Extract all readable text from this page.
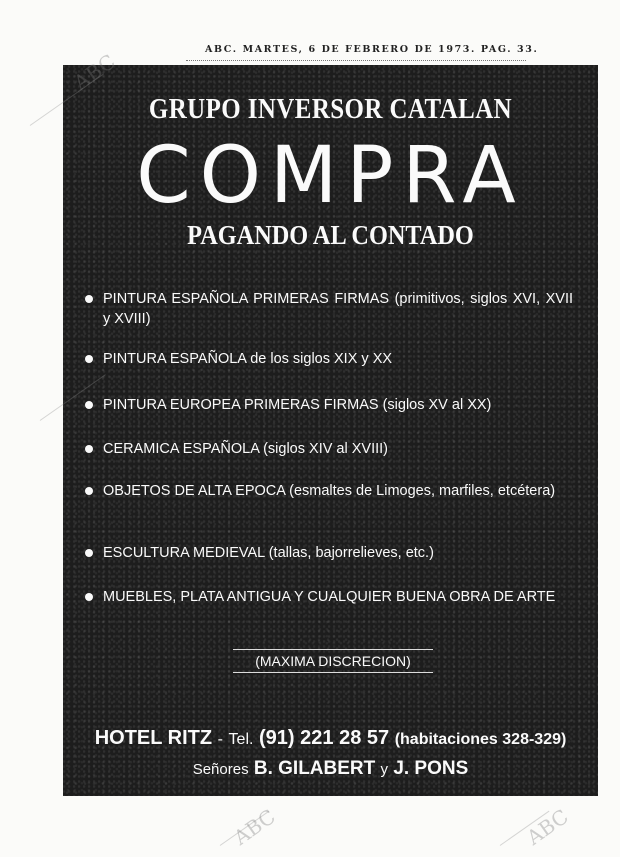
ABC. MARTES, 6 DE FEBRERO DE 1973. PAG. 33.
GRUPO INVERSOR CATALAN
COMPRA
PAGANDO AL CONTADO
PINTURA ESPAÑOLA PRIMERAS FIRMAS (primitivos, siglos XVI, XVII y XVIII)
PINTURA ESPAÑOLA de los siglos XIX y XX
PINTURA EUROPEA PRIMERAS FIRMAS (siglos XV al XX)
CERAMICA ESPAÑOLA (siglos XIV al XVIII)
OBJETOS DE ALTA EPOCA (esmaltes de Limoges, marfiles, etcétera)
ESCULTURA MEDIEVAL (tallas, bajorrelieves, etc.)
MUEBLES, PLATA ANTIGUA Y CUALQUIER BUENA OBRA DE ARTE
(MAXIMA DISCRECION)
HOTEL RITZ - Tel. (91) 221 28 57 (habitaciones 328-329)
Señores B. GILABERT y J. PONS
ABC
ABC	ABC
